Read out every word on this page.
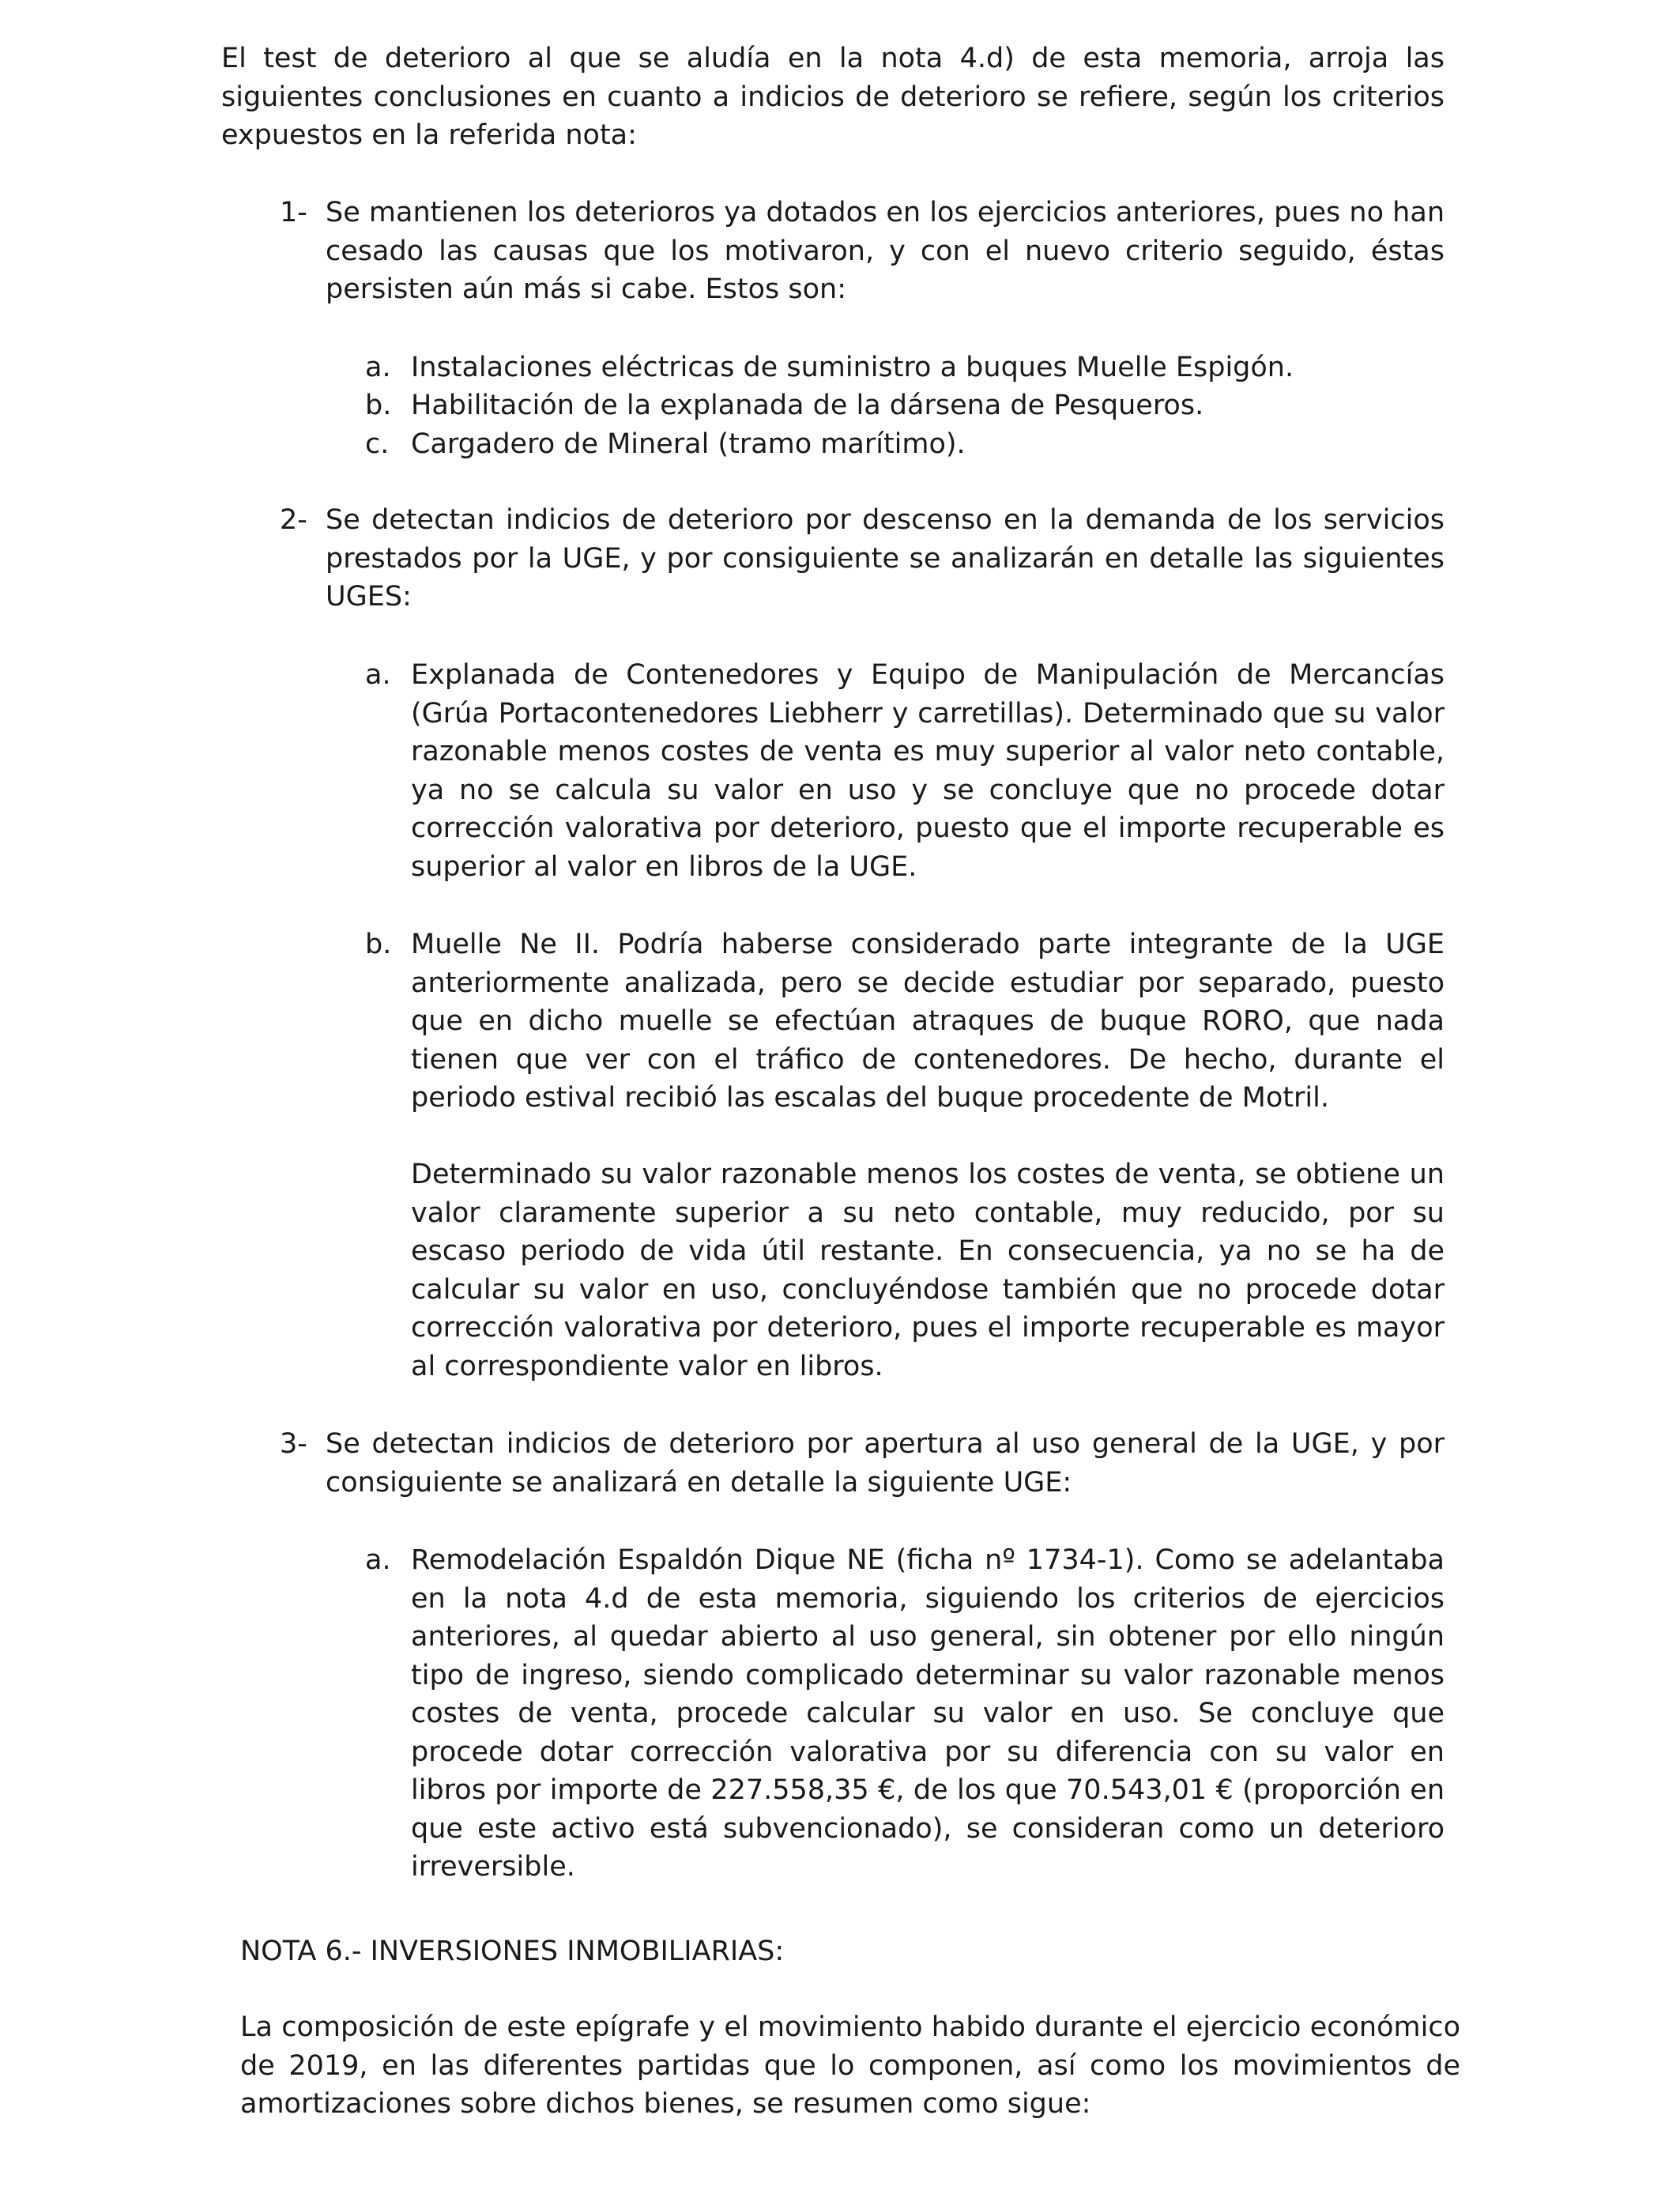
El test de deterioro al que se aludía en la nota 4.d) de esta memoria, arroja las siguientes conclusiones en cuanto a indicios de deterioro se refiere, según los criterios expuestos en la referida nota:

1- Se mantienen los deterioros ya dotados en los ejercicios anteriores, pues no han cesado las causas que los motivaron, y con el nuevo criterio seguido, éstas persisten aún más si cabe. Estos son:

a. Instalaciones eléctricas de suministro a buques Muelle Espigón.

b. Habilitación de la explanada de la dársena de Pesqueros.

c. Cargadero de Mineral (tramo marítimo).

2- Se detectan indicios de deterioro por descenso en la demanda de los servicios prestados por la UGE, y por consiguiente se analizarán en detalle las siguientes UGES:

a. Explanada de Contenedores y Equipo de Manipulación de Mercancías (Grúa Portacontenedores Liebherr y carretillas). Determinado que su valor razonable menos costes de venta es muy superior al valor neto contable, ya no se calcula su valor en uso y se concluye que no procede dotar corrección valorativa por deterioro, puesto que el importe recuperable es superior al valor en libros de la UGE.

b. Muelle Ne II. Podría haberse considerado parte integrante de la UGE anteriormente analizada, pero se decide estudiar por separado, puesto que en dicho muelle se efectúan atraques de buque RORO, que nada tienen que ver con el tráfico de contenedores. De hecho, durante el periodo estival recibió las escalas del buque procedente de Motril.

Determinado su valor razonable menos los costes de venta, se obtiene un valor claramente superior a su neto contable, muy reducido, por su escaso periodo de vida útil restante. En consecuencia, ya no se ha de calcular su valor en uso, concluyéndose también que no procede dotar corrección valorativa por deterioro, pues el importe recuperable es mayor al correspondiente valor en libros.

3- Se detectan indicios de deterioro por apertura al uso general de la UGE, y por consiguiente se analizará en detalle la siguiente UGE:

a. Remodelación Espaldón Dique NE (ficha nº 1734-1). Como se adelantaba en la nota 4.d de esta memoria, siguiendo los criterios de ejercicios anteriores, al quedar abierto al uso general, sin obtener por ello ningún tipo de ingreso, siendo complicado determinar su valor razonable menos costes de venta, procede calcular su valor en uso. Se concluye que procede dotar corrección valorativa por su diferencia con su valor en libros por importe de 227.558,35 €, de los que 70.543,01 € (proporción en que este activo está subvencionado), se consideran como un deterioro irreversible.

NOTA 6.- INVERSIONES INMOBILIARIAS:

La composición de este epígrafe y el movimiento habido durante el ejercicio económico de 2019, en las diferentes partidas que lo componen, así como los movimientos de amortizaciones sobre dichos bienes, se resumen como sigue:
